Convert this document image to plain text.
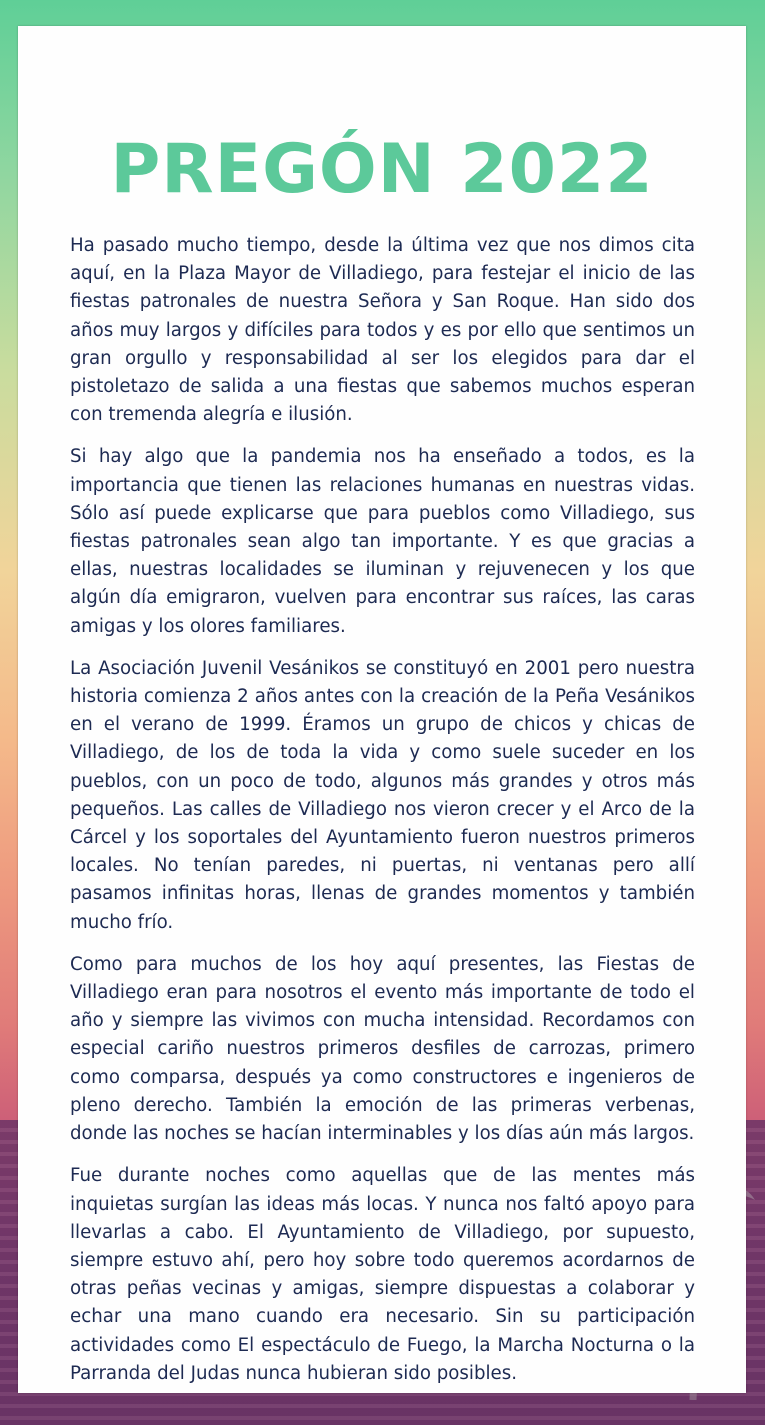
PREGÓN 2022

Ha pasado mucho tiempo, desde la última vez que nos dimos cita aquí, en la Plaza Mayor de Villadiego, para festejar el inicio de las fiestas patronales de nuestra Señora y San Roque. Han sido dos años muy largos y difíciles para todos y es por ello que sentimos un gran orgullo y responsabilidad al ser los elegidos para dar el pistoletazo de salida a una fiestas que sabemos muchos esperan con tremenda alegría e ilusión.

Si hay algo que la pandemia nos ha enseñado a todos, es la importancia que tienen las relaciones humanas en nuestras vidas. Sólo así puede explicarse que para pueblos como Villadiego, sus fiestas patronales sean algo tan importante. Y es que gracias a ellas, nuestras localidades se iluminan y rejuvenecen y los que algún día emigraron, vuelven para encontrar sus raíces, las caras amigas y los olores familiares.

La Asociación Juvenil Vesánikos se constituyó en 2001 pero nuestra historia comienza 2 años antes con la creación de la Peña Vesánikos en el verano de 1999. Éramos un grupo de chicos y chicas de Villadiego, de los de toda la vida y como suele suceder en los pueblos, con un poco de todo, algunos más grandes y otros más pequeños. Las calles de Villadiego nos vieron crecer y el Arco de la Cárcel y los soportales del Ayuntamiento fueron nuestros primeros locales. No tenían paredes, ni puertas, ni ventanas pero allí pasamos infinitas horas, llenas de grandes momentos y también mucho frío.

Como para muchos de los hoy aquí presentes, las Fiestas de Villadiego eran para nosotros el evento más importante de todo el año y siempre las vivimos con mucha intensidad. Recordamos con especial cariño nuestros primeros desfiles de carrozas, primero como comparsa, después ya como constructores e ingenieros de pleno derecho. También la emoción de las primeras verbenas, donde las noches se hacían interminables y los días aún más largos.

Fue durante noches como aquellas que de las mentes más inquietas surgían las ideas más locas. Y nunca nos faltó apoyo para llevarlas a cabo. El Ayuntamiento de Villadiego, por supuesto, siempre estuvo ahí, pero hoy sobre todo queremos acordarnos de otras peñas vecinas y amigas, siempre dispuestas a colaborar y echar una mano cuando era necesario. Sin su participación actividades como El espectáculo de Fuego, la Marcha Nocturna o la Parranda del Judas nunca hubieran sido posibles.
